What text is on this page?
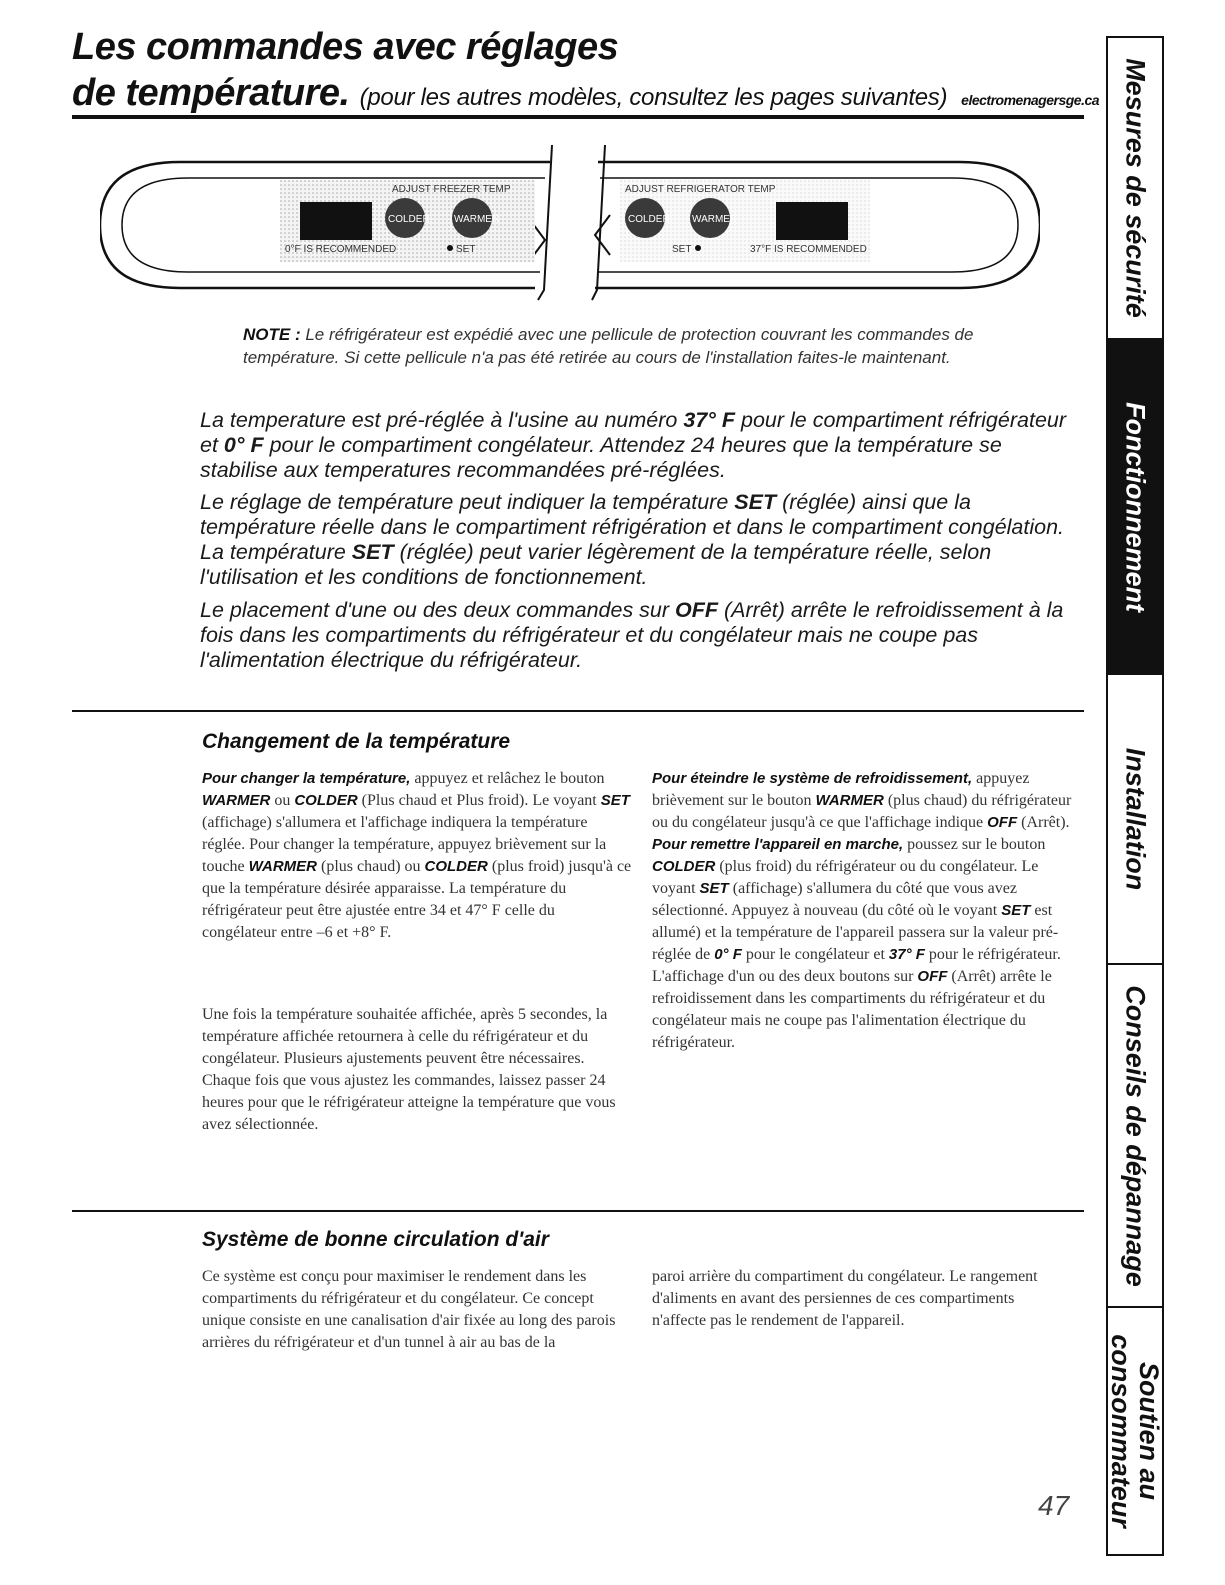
Les commandes avec réglages
de température. (pour les autres modèles, consultez les pages suivantes) electromenagersge.ca
ADJUST FREEZER TEMP
COLDER WARMER
0°F IS RECOMMENDED	SET
ADJUST REFRIGERATOR TEMP
COLDER WARMER
SET	37°F IS RECOMMENDED

NOTE : Le réfrigérateur est expédié avec une pellicule de protection couvrant les commandes de température. Si cette pellicule n'a pas été retirée au cours de l'installation faites-le maintenant.

La temperature est pré-réglée à l'usine au numéro 37° F pour le compartiment réfrigérateur et 0° F pour le compartiment congélateur. Attendez 24 heures que la température se stabilise aux temperatures recommandées pré-réglées.

Le réglage de température peut indiquer la température SET (réglée) ainsi que la température réelle dans le compartiment réfrigération et dans le compartiment congélation. La température SET (réglée) peut varier légèrement de la température réelle, selon l'utilisation et les conditions de fonctionnement.

Le placement d'une ou des deux commandes sur OFF (Arrêt) arrête le refroidissement à la fois dans les compartiments du réfrigérateur et du congélateur mais ne coupe pas l'alimentation électrique du réfrigérateur.

Changement de la température

Pour changer la température, appuyez et relâchez le bouton WARMER ou COLDER (Plus chaud et Plus froid). Le voyant SET (affichage) s'allumera et l'affichage indiquera la température réglée. Pour changer la température, appuyez brièvement sur la touche WARMER (plus chaud) ou COLDER (plus froid) jusqu'à ce que la température désirée apparaisse. La température du réfrigérateur peut être ajustée entre 34 et 47° F celle du congélateur entre –6 et +8° F.

Une fois la température souhaitée affichée, après 5 secondes, la température affichée retournera à celle du réfrigérateur et du congélateur. Plusieurs ajustements peuvent être nécessaires. Chaque fois que vous ajustez les commandes, laissez passer 24 heures pour que le réfrigérateur atteigne la température que vous avez sélectionnée.

Pour éteindre le système de refroidissement, appuyez brièvement sur le bouton WARMER (plus chaud) du réfrigérateur ou du congélateur jusqu'à ce que l'affichage indique OFF (Arrêt). Pour remettre l'appareil en marche, poussez sur le bouton COLDER (plus froid) du réfrigérateur ou du congélateur. Le voyant SET (affichage) s'allumera du côté que vous avez sélectionné. Appuyez à nouveau (du côté où le voyant SET est allumé) et la température de l'appareil passera sur la valeur pré-réglée de 0° F pour le congélateur et 37° F pour le réfrigérateur. L'affichage d'un ou des deux boutons sur OFF (Arrêt) arrête le refroidissement dans les compartiments du réfrigérateur et du congélateur mais ne coupe pas l'alimentation électrique du réfrigérateur.

Système de bonne circulation d'air

Ce système est conçu pour maximiser le rendement dans les compartiments du réfrigérateur et du congélateur. Ce concept unique consiste en une canalisation d'air fixée au long des parois arrières du réfrigérateur et d'un tunnel à air au bas de la

paroi arrière du compartiment du congélateur. Le rangement d'aliments en avant des persiennes de ces compartiments n'affecte pas le rendement de l'appareil.

Mesures de sécurité
Fonctionnement
Installation
Conseils de dépannage
Soutien au
consommateur
47
